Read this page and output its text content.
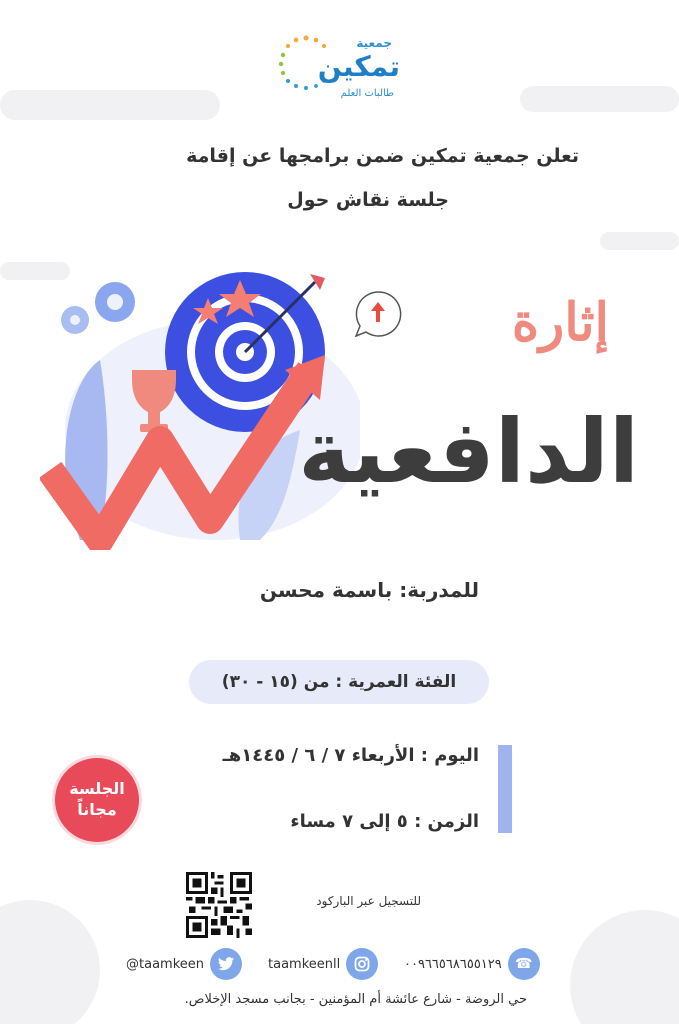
جمعية
تمكين
طالبات العلم
تعلن جمعية تمكين ضمن برامجها عن إقامة
جلسة نقاش حول
إثارة
الدافعية
للمدربة: باسمة محسن
الفئة العمرية : من (١٥ - ٣٠)
اليوم : الأربعاء ٧ / ٦ / ١٤٤٥هـ
الزمن : ٥ إلى ٧ مساء
الجلسة
مجاناً
للتسجيل عبر الباركود
☎
٠٠٩٦٦٥٦٨٦٥٥١٢٩
taamkeenll
taamkeen@
حي الروضة - شارع عائشة أم المؤمنين - بجانب مسجد الإخلاص.
